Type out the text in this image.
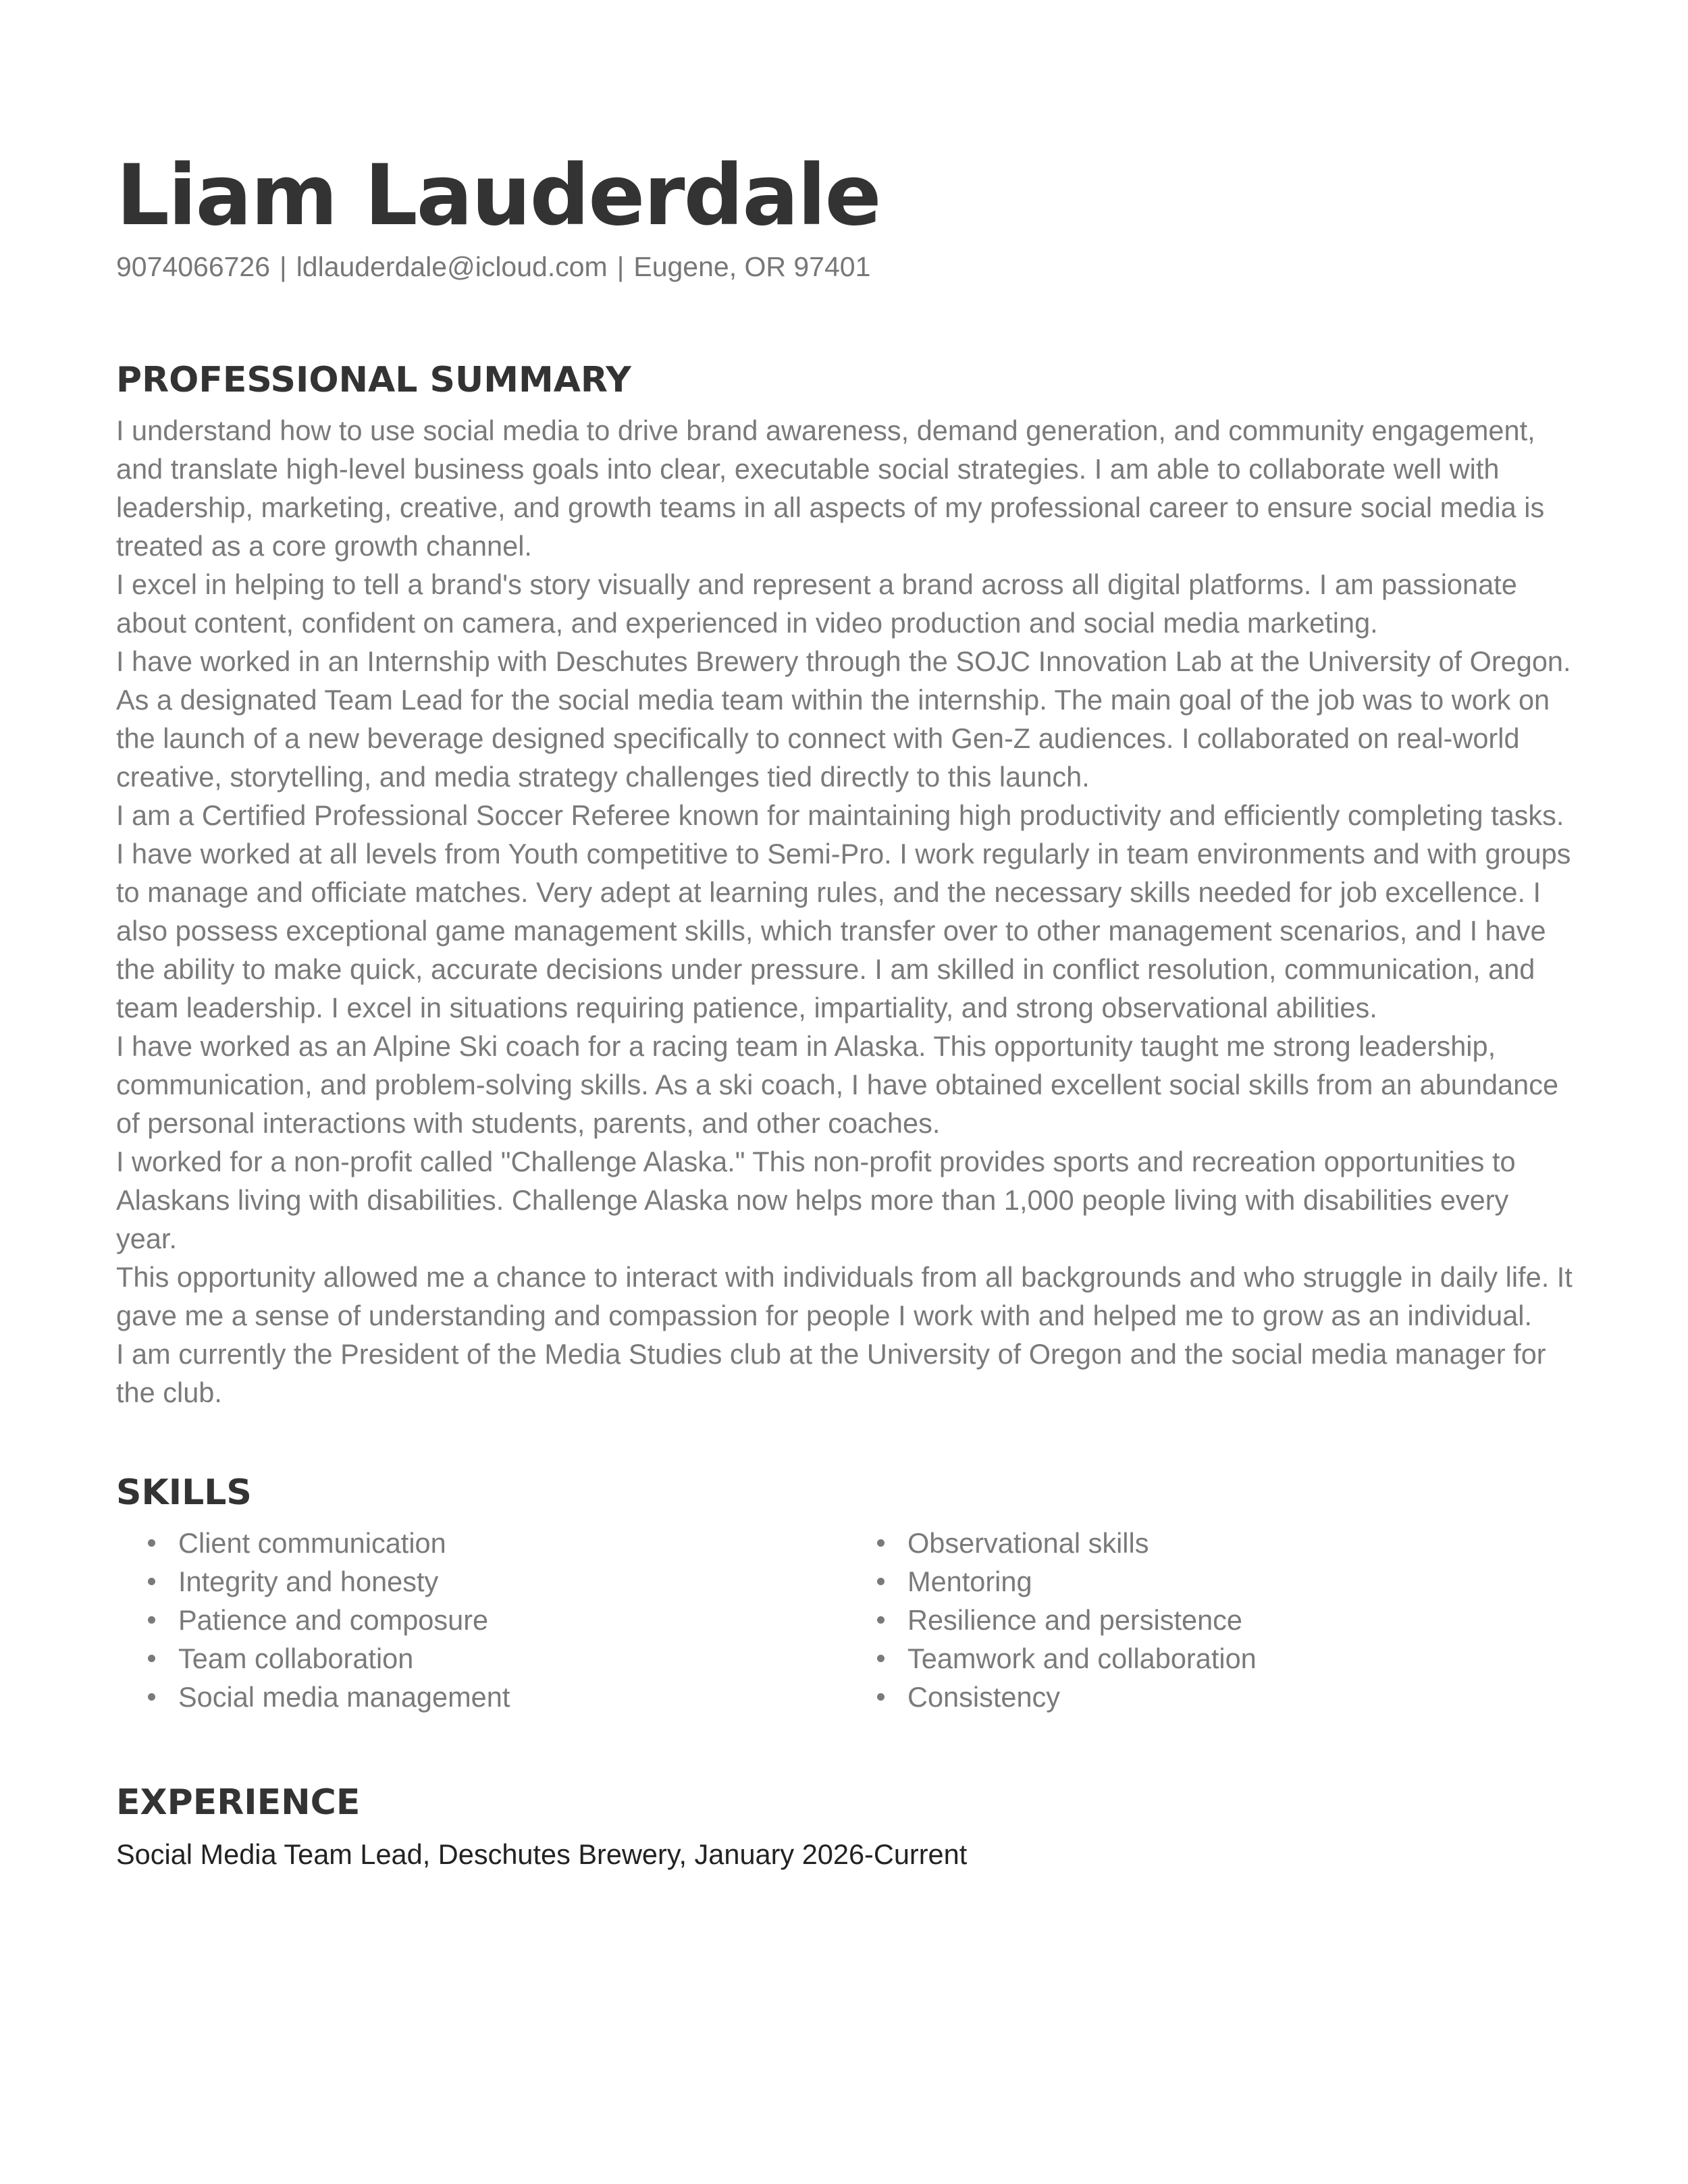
Liam Lauderdale
9074066726 | ldlauderdale@icloud.com | Eugene, OR 97401
PROFESSIONAL SUMMARY

I understand how to use social media to drive brand awareness, demand generation, and community engagement, and translate high-level business goals into clear, executable social strategies. I am able to collaborate well with leadership, marketing, creative, and growth teams in all aspects of my professional career to ensure social media is treated as a core growth channel.

I excel in helping to tell a brand's story visually and represent a brand across all digital platforms. I am passionate about content, confident on camera, and experienced in video production and social media marketing.

I have worked in an Internship with Deschutes Brewery through the SOJC Innovation Lab at the University of Oregon. As a designated Team Lead for the social media team within the internship. The main goal of the job was to work on the launch of a new beverage designed specifically to connect with Gen-Z audiences. I collaborated on real-world creative, storytelling, and media strategy challenges tied directly to this launch.

I am a Certified Professional Soccer Referee known for maintaining high productivity and efficiently completing tasks. I have worked at all levels from Youth competitive to Semi-Pro. I work regularly in team environments and with groups to manage and officiate matches. Very adept at learning rules, and the necessary skills needed for job excellence. I also possess exceptional game management skills, which transfer over to other management scenarios, and I have the ability to make quick, accurate decisions under pressure. I am skilled in conflict resolution, communication, and team leadership. I excel in situations requiring patience, impartiality, and strong observational abilities.

I have worked as an Alpine Ski coach for a racing team in Alaska. This opportunity taught me strong leadership, communication, and problem-solving skills. As a ski coach, I have obtained excellent social skills from an abundance of personal interactions with students, parents, and other coaches.

I worked for a non-profit called "Challenge Alaska." This non-profit provides sports and recreation opportunities to Alaskans living with disabilities. Challenge Alaska now helps more than 1,000 people living with disabilities every year.

This opportunity allowed me a chance to interact with individuals from all backgrounds and who struggle in daily life. It gave me a sense of understanding and compassion for people I work with and helped me to grow as an individual.

I am currently the President of the Media Studies club at the University of Oregon and the social media manager for the club.

SKILLS
Client communication
Integrity and honesty
Patience and composure
Team collaboration
Social media management
Observational skills
Mentoring
Resilience and persistence
Teamwork and collaboration
Consistency
EXPERIENCE
Social Media Team Lead, Deschutes Brewery, January 2026-Current
